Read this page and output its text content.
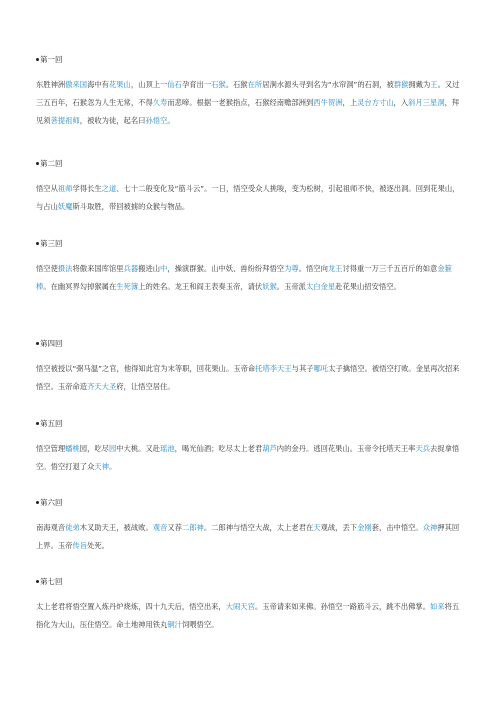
第一回
东胜神洲傲来国海中有花果山，山顶上一仙石孕育出一石猴。石猴在所居涧水源头寻到名为“水帘洞”的石洞，被群猴拥戴为王。又过三五百年，石猴忽为人生无常，不得久寿而悲啼。根据一老猴指点，石猴经南赡部洲到西牛贺洲，上灵台方寸山，入斜月三星洞，拜见须菩提祖师，被收为徒，起名曰孙悟空。
第二回
悟空从祖师学得长生之道、七十二般变化及“筋斗云”。一日，悟空受众人挑唆，变为松树，引起祖师不快，被逐出洞。回到花果山，与占山妖魔斯斗取胜，带回被掳的众猴与物品。
第三回
悟空使摄法将傲来国库馆里兵器搬进山中，操演群猴。山中妖、兽纷纷拜悟空为尊。悟空向龙王讨得重一万三千五百斤的如意金箍棒。在幽冥界勾掉猴属在生死簿上的姓名。龙王和阎王表奏玉帝，请伏妖猴。玉帝派太白金星赴花果山招安悟空。
第四回
悟空被授以“弼马温”之官，他得知此官为末等职，回花果山。玉帝命托塔李天王与其子哪吒太子擒悟空。被悟空打败。金星再次招来悟空。玉帝命造齐天大圣府，让悟空居住。
第五回
悟空管理蟠桃园，吃尽园中大桃。又赴瑶池，喝光仙酒；吃尽太上老君葫芦内的金丹。逃回花果山。玉帝令托塔天王率天兵去捉拿悟空。悟空打退了众天神。
第六回
南海观音徒弟木叉助天王，被战败。观音又荐二郎神。二郎神与悟空大战，太上老君在天观战，丢下金刚套，击中悟空。众神押其回上界。玉帝传旨处死。
第七回
太上老君将悟空置入炼丹炉烧炼，四十九天后，悟空出来，大闹天宫。玉帝请来如来佛。孙悟空一路筋斗云，跳不出佛掌。如来将五指化为大山，压住悟空。命土地神用铁丸铜汁饲喂悟空。
